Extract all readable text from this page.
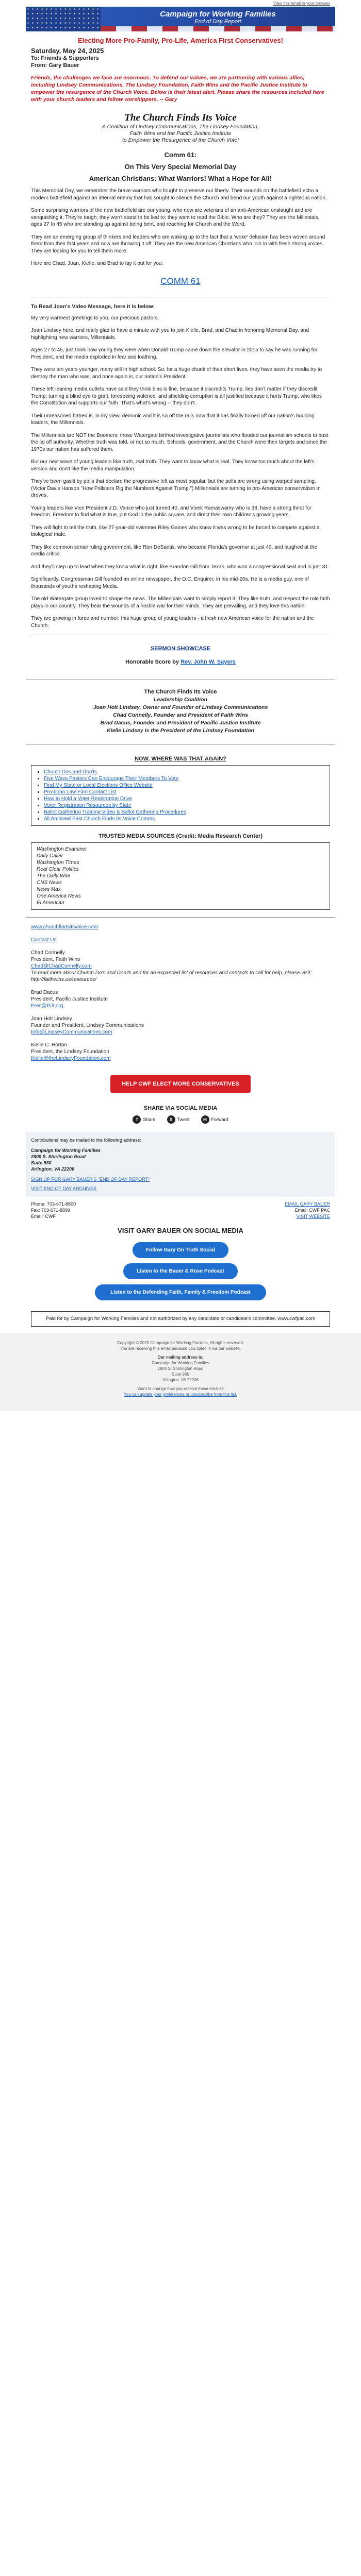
View this email in your browser
Campaign for Working Families
End of Day Report
Electing More Pro-Family, Pro-Life, America First Conservatives!
Saturday, May 24, 2025
To: Friends & Supporters
From: Gary Bauer
Friends, the challenges we face are enormous. To defend our values, we are partnering with various allies, including Lindsey Communications, The Lindsey Foundation, Faith Wins and the Pacific Justice Institute to empower the resurgence of the Church Voice. Below is their latest alert. Please share the resources included here with your church leaders and fellow worshippers. -- Gary
The Church Finds Its Voice
A Coalition of Lindsey Communications, The Lindsey Foundation,
Faith Wins and the Pacific Justice Institute
to Empower the Resurgence of the Church Vote!
Comm 61:
On This Very Special Memorial Day
American Christians: What Warriors! What a Hope for All!

This Memorial Day, we remember the brave warriors who fought to preserve our liberty. Their wounds on the battlefield echo a modern battlefield against an internal enemy that has sought to silence the Church and bend our youth against a righteous nation.

Some surprising warriors of the new battlefield are our young, who now are veterans of an anti-American onslaught and are vanquishing it. They're tough; they won't stand to be lied to; they want to read the Bible. Who are they? They are the Millenials, ages 27 to 45 who are standing up against being bent, and reaching for Church and the Word.

They are an emerging group of thinkers and leaders who are waking up to the fact that a 'woke' delusion has been woven around them from their first years and now are throwing it off. They are the new American Christians who join in with fresh strong voices. They are looking for you to tell them more.

Here are Chad, Joan, Kielle, and Brad to lay it out for you:

COMM 61
To Read Joan's Video Message, here it is below:

My very warmest greetings to you, our precious pastors.

Joan Lindsey here, and really glad to have a minute with you to join Kielle, Brad, and Chad in honoring Memorial Day, and highlighting new warriors, Millennials.

Ages 27 to 45, just think how young they were when Donald Trump came down the elevator in 2015 to say he was running for President, and the media exploded in fear and loathing.

They were ten years younger, many still in high school. So, for a huge chunk of their short lives, they have seen the media try to destroy the man who was, and once again is, our nation's President.

These left-leaning media outlets have said they think bias is fine, because it discredits Trump, lies don't matter if they discredit Trump; turning a blind eye to graft, foreseeing violence, and shielding corruption is all justified because it hurts Trump, who likes the Constitution and supports our faith. That's what's wrong -- they don't.

Their unreasoned hatred is, in my view, demonic and it is so off the rails now that it has finally turned off our nation's budding leaders, the Millennials.

The Millennials are NOT the Boomers; those Watergate birthed investigative journalists who flooded our journalism schools to bust the lid off authority. Whether truth was told, or not so much. Schools, government, and the Church were their targets and since the 1970s our nation has suffered them.

But our next wave of young leaders like truth, real truth. They want to know what is real. They know too much about the left's version and don't like the media manipulation.

They've been gaslit by polls that declare the progressive left as most popular, but the polls are wrong using warped sampling. (Victor Davis Hanson "How Pollsters Rig the Numbers Against Trump.") Millennials are turning to pro-American conservatism in droves.

Young leaders like Vice President J.D. Vance who just turned 40, and Vivek Ramaswamy who is 38, have a strong thirst for freedom. Freedom to find what is true, put God in the public square, and direct their own children's growing years.

They will fight to tell the truth, like 27-year-old swimmer Riley Gaines who knew it was wrong to be forced to compete against a biological male.

They like common sense ruling government, like Ron DeSantis, who became Florida's governor at just 40, and laughed at the media critics.

And they'll step up to lead when they know what is right, like Brandon Gill from Texas, who won a congressional seat and is just 31.

Significantly, Congressman Gill founded an online newspaper, the D.C. Enquirer, in his mid-20s. He is a media guy, one of thousands of youths reshaping Media.

The old Watergate group loved to shape the news. The Millennials want to simply report it. They like truth, and respect the role faith plays in our country. They bear the wounds of a hostile war for their minds. They are prevailing, and they love this nation!

They are growing in force and number; this huge group of young leaders - a fresh new American voice for the nation and the Church.

SERMON SHOWCASE
Honorable Score by Rev. John W. Sayers
The Church Finds Its Voice
Leadership Coalition
Joan Holt Lindsey, Owner and Founder of Lindsey Communications
Chad Connelly, Founder and President of Faith Wins
Brad Dacus, Founder and President of Pacific Justice Institute
Kielle Lindsey is the President of the Lindsey Foundation
NOW, WHERE WAS THAT AGAIN?
• Church Dos and Don'ts
• Five Ways Pastors Can Encourage Their Members To Vote
• Find My State or Local Elections Office Website
• Pro-bono Law Firm Contact List
• How to Hold a Voter Registration Drive
• Voter Registration Resources by State
• Ballot Gathering Training Video & Ballot Gathering Procedures
• All Archived Past Church Finds Its Voice Comms
TRUSTED MEDIA SOURCES (Credit: Media Research Center)
Washington Examiner
Daily Caller
Washington Times
Real Clear Politics
The Daily Wire
CNS News
News Max
One America News
El American
www.churchfindsitsvoice.com
Contact Us
Chad Connelly
President, Faith Wins
Chad@ChadConnelly.com
To read more about Church Do's and Don'ts and for an expanded list of resources and contacts to call for help, please visit: http://faithwins.us/resources/
Brad Dacus
President, Pacific Justice Institute
Pres@PJI.org
Joan Holt Lindsey
Founder and President, Lindsey Communications
Info@LindseyCommunications.com
Kielle C. Horton
President, the Lindsey Foundation
Kielle@theLindseyFoundation.com
HELP CWF ELECT MORE CONSERVATIVES
SHARE VIA SOCIAL MEDIA
f	Share	X	Tweet	✉ Forward
Contributions may be mailed to the following address:
Campaign for Working Families
2800 S. Shirlington Road
Suite 930
Arlington, VA 22206
SIGN UP FOR GARY BAUER'S "END OF DAY REPORT"
VISIT END OF DAY ARCHIVES
Phone: 703-671-8800
Fax: 703-671-8899
Email: CWF
EMAIL GARY BAUER
Email: CWF PAC
VISIT WEBSITE
VISIT GARY BAUER ON SOCIAL MEDIA
Follow Gary On Truth Social
Listen to the Bauer & Rose Podcast
Listen to the Defending Faith, Family & Freedom Podcast
Paid for by Campaign for Working Families and not authorized by any candidate or candidate's committee. www.cwfpac.com
Copyright © 2025 Campaign for Working Families, All rights reserved.
You are receiving this email because you opted in via our website.
Our mailing address is:
Campaign for Working Families
2800 S. Shirlington Road
Suite 930
Arlington, VA 22206
Want to change how you receive these emails?
You can update your preferences or unsubscribe from this list.
